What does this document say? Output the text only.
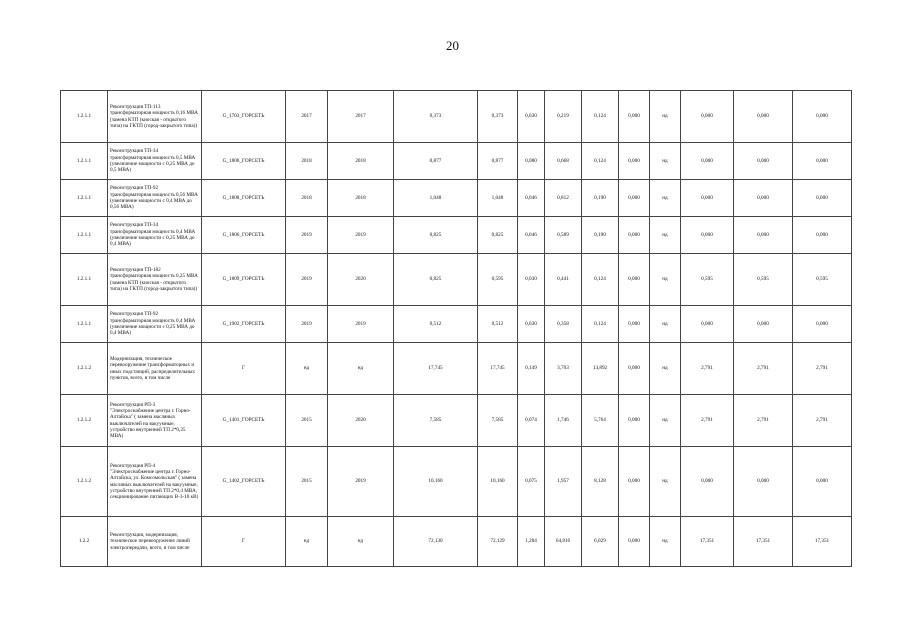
20
1.2.1.1	Реконструкция ТП-113 трансформаторная мощность 0,16 МВА (замена КТП (киоская - открытого типа) на ГКТП (город-закрытого типа))	G_1703_ГОРСЕТЬ	2017	2017	0,373	0,373	0,030	0,219	0,124	0,000	нд	0,000	0,000	0,000
1.2.1.1	Реконструкция ТП-34 трансформаторная мощность 0,5 МВА (увеличение мощности с 0,25 МВА до 0,5 МВА)	G_1806_ГОРСЕТЬ	2018	2018	0,877	0,877	0,080	0,668	0,124	0,000	нд	0,000	0,000	0,000
1.2.1.1	Реконструкция ТП-92 трансформаторная мощность 0,56 МВА (увеличение мощности с 0,4 МВА до 0,56 МВА)	G_1808_ГОРСЕТЬ	2018	2018	1,048	1,048	0,046	0,812	0,190	0,000	нд	0,000	0,000	0,000
1.2.1.1	Реконструкция ТП-34 трансформаторная мощность 0,4 МВА (увеличение мощности с 0,25 МВА до 0,4 МВА)	G_1806_ГОРСЕТЬ	2019	2019	0,825	0,825	0,046	0,589	0,190	0,000	нд	0,000	0,000	0,000
1.2.1.1	Реконструкция ТП-182 трансформаторная мощность 0,25 МВА (замена КТП (киоская - открытого типа) на ГКТП (город-закрытого типа))	G_1809_ГОРСЕТЬ	2019	2020	0,825	0,595	0,030	0,441	0,124	0,000	нд	0,595	0,595	0,595
1.2.1.1	Реконструкция ТП-92 трансформаторная мощность 0,4 МВА (увеличение мощности с 0,25 МВА до 0,4 МВА)	G_1902_ГОРСЕТЬ	2019	2019	0,512	0,512	0,030	0,358	0,124	0,000	нд	0,000	0,000	0,000
1.2.1.2	Модернизация, техническое перевооружение трансформаторных и иных подстанций, распределительных пунктов, всего, в том числе	Г	нд	нд	17,745	17,745	0,149	3,703	13,892	0,000	нд	2,791	2,791	2,791
1.2.1.2	Реконструкция РП-3 "Электроснабжение центра г. Горно-Алтайска" ( замена масляных выключателей на вакуумные, устройство внутренней ТП 2*0,25 МВА)	G_1401_ГОРСЕТЬ	2015	2020	7,585	7,585	0,074	1,746	5,764	0,000	нд	2,791	2,791	2,791
1.2.1.2	Реконструкция РП-4 "Электроснабжение центра г. Горно-Алтайска, ул. Комсомольская" ( замена масляных выключателей на вакуумные, устройство внутренней ТП 2*0,4 МВА, секционирование питающих В-3-10 кВ)	G_1402_ГОРСЕТЬ	2015	2019	10,160	10,160	0,075	1,957	8,128	0,000	нд	0,000	0,000	0,000
1.2.2	Реконструкция, модернизация, техническое перевооружение линий электропередачи, всего, в том числе	Г	нд	нд	72,130	72,129	1,284	64,816	6,029	0,000	нд	17,351	17,351	17,351
